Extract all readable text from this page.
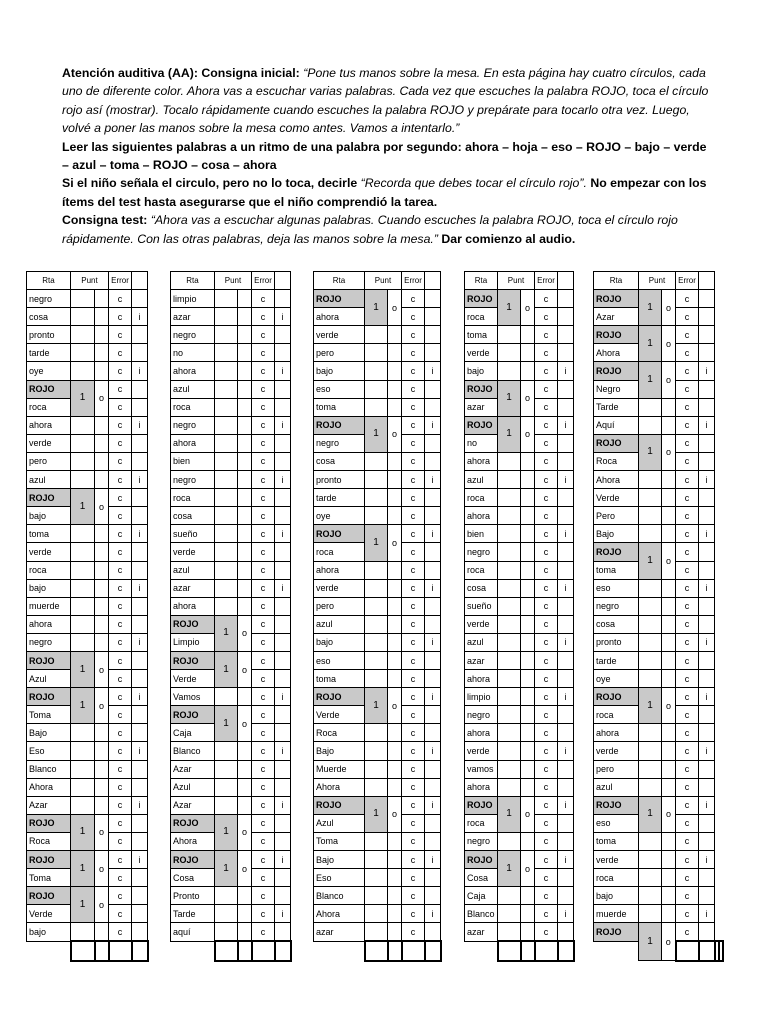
Atención auditiva (AA): Consigna inicial: “Pone tus manos sobre la mesa. En esta página hay cuatro círculos, cada uno de diferente color. Ahora vas a escuchar varias palabras. Cada vez que escuches la palabra ROJO, toca el círculo rojo así (mostrar). Tocalo rápidamente cuando escuches la palabra ROJO y prepárate para tocarlo otra vez. Luego, volvé a poner las manos sobre la mesa como antes. Vamos a intentarlo.”

Leer las siguientes palabras a un ritmo de una palabra por segundo: ahora – hoja – eso – ROJO – bajo – verde – azul – toma – ROJO – cosa – ahora

Si el niño señala el circulo, pero no lo toca, decirle “Recorda que debes tocar el círculo rojo”. No empezar con los ítems del test hasta asegurarse que el niño comprendió la tarea.

Consigna test: “Ahora vas a escuchar algunas palabras. Cuando escuches la palabra ROJO, toca el círculo rojo rápidamente. Con las otras palabras, deja las manos sobre la mesa.” Dar comienzo al audio.

Rta	Punt		Error	
negro			c	
cosa			c	i
pronto			c	
tarde			c	
oye			c	i
ROJO	1	o	c	
roca			c	
ahora			c	i
verde			c	
pero			c	
azul			c	i
ROJO	1	o	c	
bajo			c	
toma			c	i
verde			c	
roca			c	
bajo			c	i
muerde			c	
ahora			c	
negro			c	i
ROJO	1	o	c	
Azul			c	
ROJO	1	o	c	i
Toma			c	
Bajo			c	
Eso			c	i
Blanco			c	
Ahora			c	
Azar			c	i
ROJO	1	o	c	
Roca			c	
ROJO	1	o	c	i
Toma			c	
ROJO	1	o	c	
Verde			c	
bajo			c	

Rta	Punt		Error	
limpio			c	
azar			c	i
negro			c	
no			c	
ahora			c	i
azul			c	
roca			c	
negro			c	i
ahora			c	
bien			c	
negro			c	i
roca			c	
cosa			c	
sueño			c	i
verde			c	
azul			c	
azar			c	i
ahora			c	
ROJO	1	o	c	
Limpio			c	
ROJO	1	o	c	
Verde			c	
Vamos			c	i
ROJO	1	o	c	
Caja			c	
Blanco			c	i
Azar			c	
Azul			c	
Azar			c	i
ROJO	1	o	c	
Ahora			c	
ROJO	1	o	c	i
Cosa			c	
Pronto			c	
Tarde			c	i
aquí			c	

Rta	Punt		Error	
ROJO	1	o	c	
ahora			c	
verde			c	
pero			c	
bajo			c	i
eso			c	
toma			c	
ROJO	1	o	c	i
negro			c	
cosa			c	
pronto			c	i
tarde			c	
oye			c	
ROJO	1	o	c	i
roca			c	
ahora			c	
verde			c	i
pero			c	
azul			c	
bajo			c	i
eso			c	
toma			c	
ROJO	1	o	c	i
Verde			c	
Roca			c	
Bajo			c	i
Muerde			c	
Ahora			c	
ROJO	1	o	c	i
Azul			c	
Toma			c	
Bajo			c	i
Eso			c	
Blanco			c	
Ahora			c	i
azar			c	

Rta	Punt		Error	
ROJO	1	o	c	
roca			c	
toma			c	
verde			c	
bajo			c	i
ROJO	1	o	c	
azar			c	
ROJO	1	o	c	i
no			c	
ahora			c	
azul			c	i
roca			c	
ahora			c	
bien			c	i
negro			c	
roca			c	
cosa			c	i
sueño			c	
verde			c	
azul			c	i
azar			c	
ahora			c	
limpio			c	i
negro			c	
ahora			c	
verde			c	i
vamos			c	
ahora			c	
ROJO	1	o	c	i
roca			c	
negro			c	
ROJO	1	o	c	i
Cosa			c	
Caja			c	
Blanco			c	i
azar			c	

Rta	Punt		Error			
ROJO	1	o	c			
Azar			c			
ROJO	1	o	c			
Ahora			c			
ROJO	1	o	c	i		
Negro			c			
Tarde			c			
Aquí			c	i		
ROJO	1	o	c			
Roca			c			
Ahora			c	i		
Verde			c			
Pero			c			
Bajo			c	i		
ROJO	1	o	c			
toma			c			
eso			c	i		
negro			c			
cosa			c			
pronto			c	i		
tarde			c			
oye			c			
ROJO	1	o	c	i		
roca			c			
ahora			c			
verde			c	i		
pero			c			
azul			c			
ROJO	1	o	c	i		
eso			c			
toma			c			
verde			c	i		
roca			c			
bajo			c			
muerde			c	i		
ROJO	1	o	c			
